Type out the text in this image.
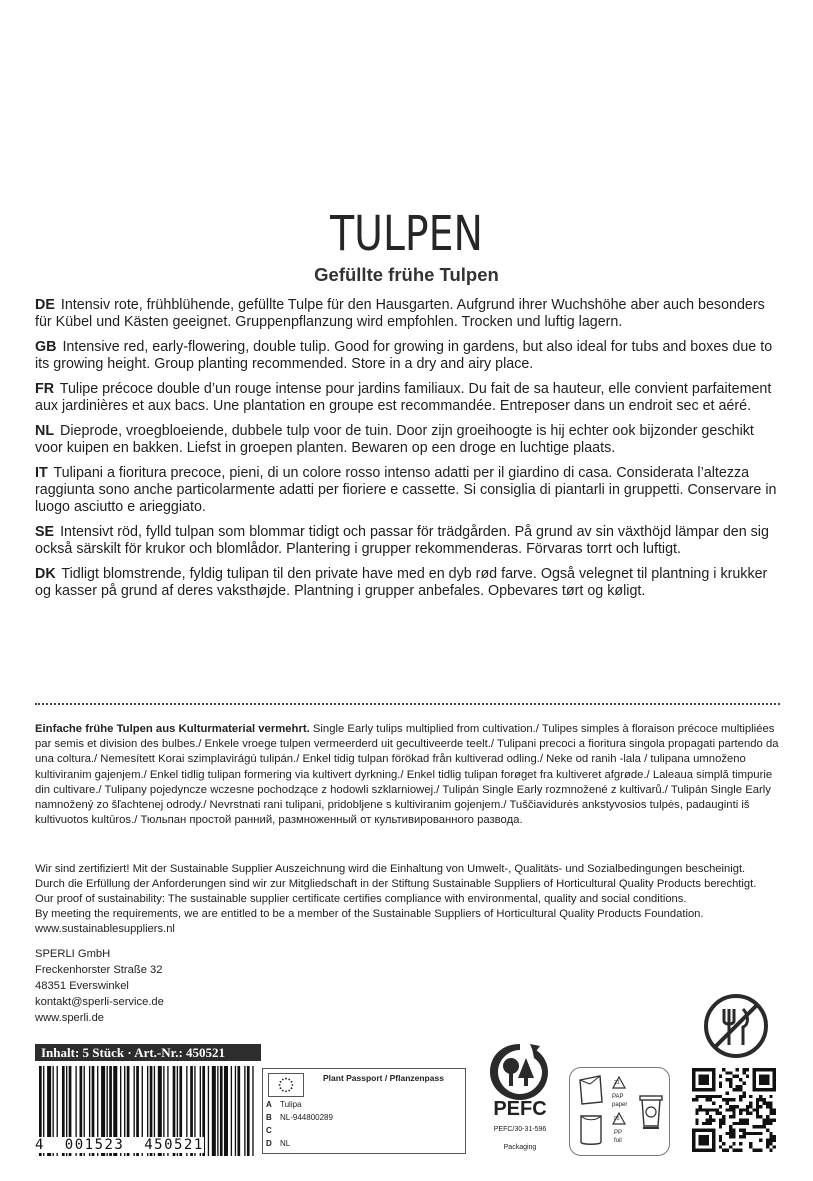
TULPEN
Gefüllte frühe Tulpen

DE Intensiv rote, frühblühende, gefüllte Tulpe für den Hausgarten. Aufgrund ihrer Wuchshöhe aber auch besonders für Kübel und Kästen geeignet. Gruppenpflanzung wird empfohlen. Trocken und luftig lagern.

GB Intensive red, early-flowering, double tulip. Good for growing in gardens, but also ideal for tubs and boxes due to its growing height. Group planting recommended. Store in a dry and airy place.

FR Tulipe précoce double d’un rouge intense pour jardins familiaux. Du fait de sa hauteur, elle convient parfaitement aux jardinières et aux bacs. Une plantation en groupe est recommandée. Entreposer dans un endroit sec et aéré.

NL Dieprode, vroegbloeiende, dubbele tulp voor de tuin. Door zijn groeihoogte is hij echter ook bijzonder geschikt voor kuipen en bakken. Liefst in groepen planten. Bewaren op een droge en luchtige plaats.

IT Tulipani a fioritura precoce, pieni, di un colore rosso intenso adatti per il giardino di casa. Considerata l’altezza raggiunta sono anche particolarmente adatti per fioriere e cassette. Si consiglia di piantarli in gruppetti. Conservare in luogo asciutto e arieggiato.

SE Intensivt röd, fylld tulpan som blommar tidigt och passar för trädgården. På grund av sin växthöjd lämpar den sig också särskilt för krukor och blomlådor. Plantering i grupper rekommenderas. Förvaras torrt och luftigt.

DK Tidligt blomstrende, fyldig tulipan til den private have med en dyb rød farve. Også velegnet til plantning i krukker og kasser på grund af deres vaksthøjde. Plantning i grupper anbefales. Opbevares tørt og køligt.

Einfache frühe Tulpen aus Kulturmaterial vermehrt. Single Early tulips multiplied from cultivation./ Tulipes simples à floraison précoce multipliées par semis et division des bulbes./ Enkele vroege tulpen vermeerderd uit gecultiveerde teelt./ Tulipani precoci a fioritura singola propagati partendo da una coltura./ Nemesített Korai szimplavirágú tulipán./ Enkel tidig tulpan förökad från kultiverad odling./ Neke od ranih -lala / tulipana umnoženo kultiviranim gajenjem./ Enkel tidlig tulipan formering via kultivert dyrkning./ Enkel tidlig tulipan forøget fra kultiveret afgrøde./ Laleaua simplă timpurie din cultivare./ Tulipany pojedyncze wczesne pochodzące z hodowli szklarniowej./ Tulipán Single Early rozmnožené z kultivarů./ Tulipán Single Early namnožený zo šľachtenej odrody./ Nevrstnati rani tulipani, pridobljene s kultiviranim gojenjem./ Tuščiavidurės ankstyvosios tulpės, padauginti iš kultivuotos kultūros./ Тюльпан простой ранний, размноженный от культивированного развода.
Wir sind zertifiziert! Mit der Sustainable Supplier Auszeichnung wird die Einhaltung von Umwelt-, Qualitäts- und Sozialbedingungen bescheinigt.
Durch die Erfüllung der Anforderungen sind wir zur Mitgliedschaft in der Stiftung Sustainable Suppliers of Horticultural Quality Products berechtigt.
Our proof of sustainability: The sustainable supplier certificate certifies compliance with environmental, quality and social conditions.
By meeting the requirements, we are entitled to be a member of the Sustainable Suppliers of Horticultural Quality Products Foundation.
www.sustainablesuppliers.nl
SPERLI GmbH
Freckenhorster Straße 32
48351 Everswinkel
kontakt@sperli-service.de
www.sperli.de
Inhalt: 5 Stück · Art.-Nr.: 450521
4  001523  450521
Plant Passport / Pflanzenpass
A Tulipa
B NL-944800289
C
D NL
PEFC
PEFC/30-31-596
Packaging
21
PAP
paper
05
PP
foil
